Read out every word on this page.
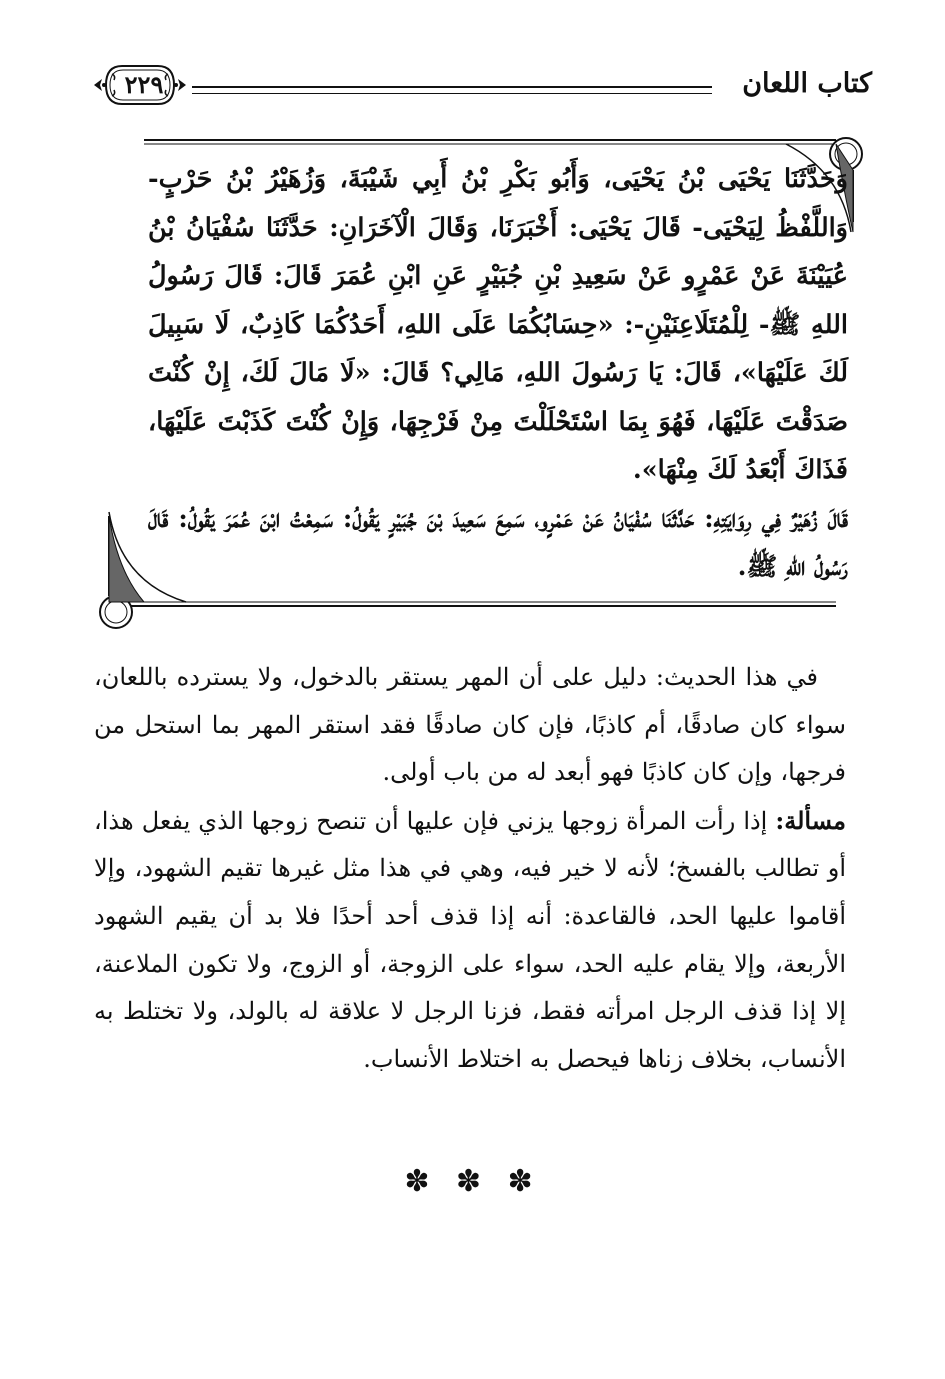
كتاب اللعان
٢٢٩

وَحَدَّثَنَا يَحْيَى بْنُ يَحْيَى، وَأَبُو بَكْرِ بْنُ أَبِي شَيْبَةَ، وَزُهَيْرُ بْنُ حَرْبٍ- وَاللَّفْظُ لِيَحْيَى- قَالَ يَحْيَى: أَخْبَرَنَا، وَقَالَ الْآخَرَانِ: حَدَّثَنَا سُفْيَانُ بْنُ عُيَيْنَةَ عَنْ عَمْرٍو عَنْ سَعِيدِ بْنِ جُبَيْرٍ عَنِ ابْنِ عُمَرَ قَالَ: قَالَ رَسُولُ اللهِ ﷺ- لِلْمُتَلَاعِنَيْنِ-: «حِسَابُكُمَا عَلَى اللهِ، أَحَدُكُمَا كَاذِبٌ، لَا سَبِيلَ لَكَ عَلَيْهَا»، قَالَ: يَا رَسُولَ اللهِ، مَالِي؟ قَالَ: «لَا مَالَ لَكَ، إِنْ كُنْتَ صَدَقْتَ عَلَيْهَا، فَهُوَ بِمَا اسْتَحْلَلْتَ مِنْ فَرْجِهَا، وَإِنْ كُنْتَ كَذَبْتَ عَلَيْهَا، فَذَاكَ أَبْعَدُ لَكَ مِنْهَا».

قَالَ زُهَيْرٌ فِي رِوَايَتِهِ: حَدَّثَنَا سُفْيَانُ عَنْ عَمْرٍو، سَمِعَ سَعِيدَ بْنَ جُبَيْرٍ يَقُولُ: سَمِعْتُ ابْنَ عُمَرَ يَقُولُ: قَالَ رَسُولُ اللهِ ﷺ.

في هذا الحديث: دليل على أن المهر يستقر بالدخول، ولا يسترده باللعان، سواء كان صادقًا، أم كاذبًا، فإن كان صادقًا فقد استقر المهر بما استحل من فرجها، وإن كان كاذبًا فهو أبعد له من باب أولى.

مسألة: إذا رأت المرأة زوجها يزني فإن عليها أن تنصح زوجها الذي يفعل هذا، أو تطالب بالفسخ؛ لأنه لا خير فيه، وهي في هذا مثل غيرها تقيم الشهود، وإلا أقاموا عليها الحد، فالقاعدة: أنه إذا قذف أحد أحدًا فلا بد أن يقيم الشهود الأربعة، وإلا يقام عليه الحد، سواء على الزوجة، أو الزوج، ولا تكون الملاعنة، إلا إذا قذف الرجل امرأته فقط، فزنا الرجل لا علاقة له بالولد، ولا تختلط به الأنساب، بخلاف زناها فيحصل به اختلاط الأنساب.

✽ ✽ ✽
